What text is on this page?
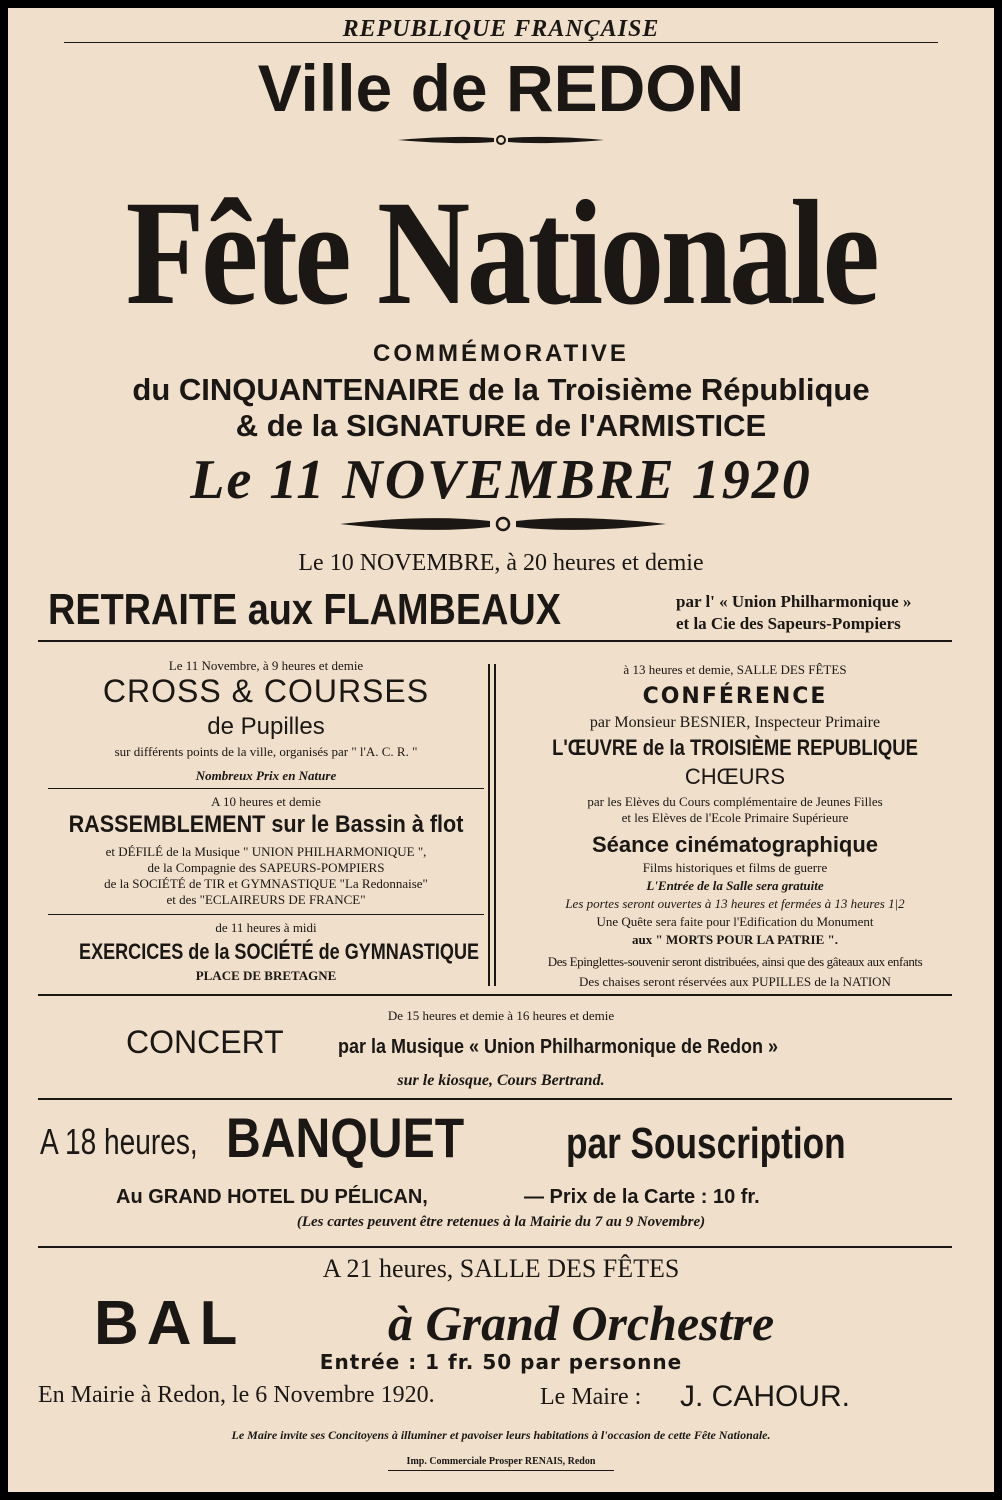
REPUBLIQUE FRANÇAISE
Ville de REDON
Fête Nationale
COMMÉMORATIVE
du CINQUANTENAIRE de la Troisième République
& de la SIGNATURE de l'ARMISTICE
Le 11 NOVEMBRE 1920
Le 10 NOVEMBRE, à 20 heures et demie
RETRAITE aux FLAMBEAUX	par l' « Union Philharmonique »
et la Cie des Sapeurs-Pompiers
Le 11 Novembre, à 9 heures et demie
CROSS & COURSES
de Pupilles
sur différents points de la ville, organisés par " l'A. C. R. "
Nombreux Prix en Nature
A 10 heures et demie
RASSEMBLEMENT sur le Bassin à flot
et DÉFILÉ de la Musique " UNION PHILHARMONIQUE ",
de la Compagnie des SAPEURS-POMPIERS
de la SOCIÉTÉ de TIR et GYMNASTIQUE "La Redonnaise"
et des "ECLAIREURS DE FRANCE"
de 11 heures à midi
EXERCICES de la SOCIÉTÉ de GYMNASTIQUE
PLACE DE BRETAGNE
à 13 heures et demie, SALLE DES FÊTES
CONFÉRENCE
par Monsieur BESNIER, Inspecteur Primaire
L'ŒUVRE de la TROISIÈME REPUBLIQUE
CHŒURS
par les Elèves du Cours complémentaire de Jeunes Filles
et les Elèves de l'Ecole Primaire Supérieure
Séance cinématographique
Films historiques et films de guerre
L'Entrée de la Salle sera gratuite
Les portes seront ouvertes à 13 heures et fermées à 13 heures 1|2
Une Quête sera faite pour l'Edification du Monument
aux " MORTS POUR LA PATRIE ".
Des Epinglettes-souvenir seront distribuées, ainsi que des gâteaux aux enfants
Des chaises seront réservées aux PUPILLES de la NATION
De 15 heures et demie à 16 heures et demie
CONCERT	par la Musique « Union Philharmonique de Redon »
sur le kiosque, Cours Bertrand.
A 18 heures, BANQUET	par Souscription
Au GRAND HOTEL DU PÉLICAN,	— Prix de la Carte : 10 fr.
(Les cartes peuvent être retenues à la Mairie du 7 au 9 Novembre)
A 21 heures, SALLE DES FÊTES
BAL	à Grand Orchestre
Entrée : 1 fr. 50 par personne
En Mairie à Redon, le 6 Novembre 1920.	Le Maire : J. CAHOUR.
Le Maire invite ses Concitoyens à illuminer et pavoiser leurs habitations à l'occasion de cette Fête Nationale.
Imp. Commerciale Prosper RENAIS, Redon
